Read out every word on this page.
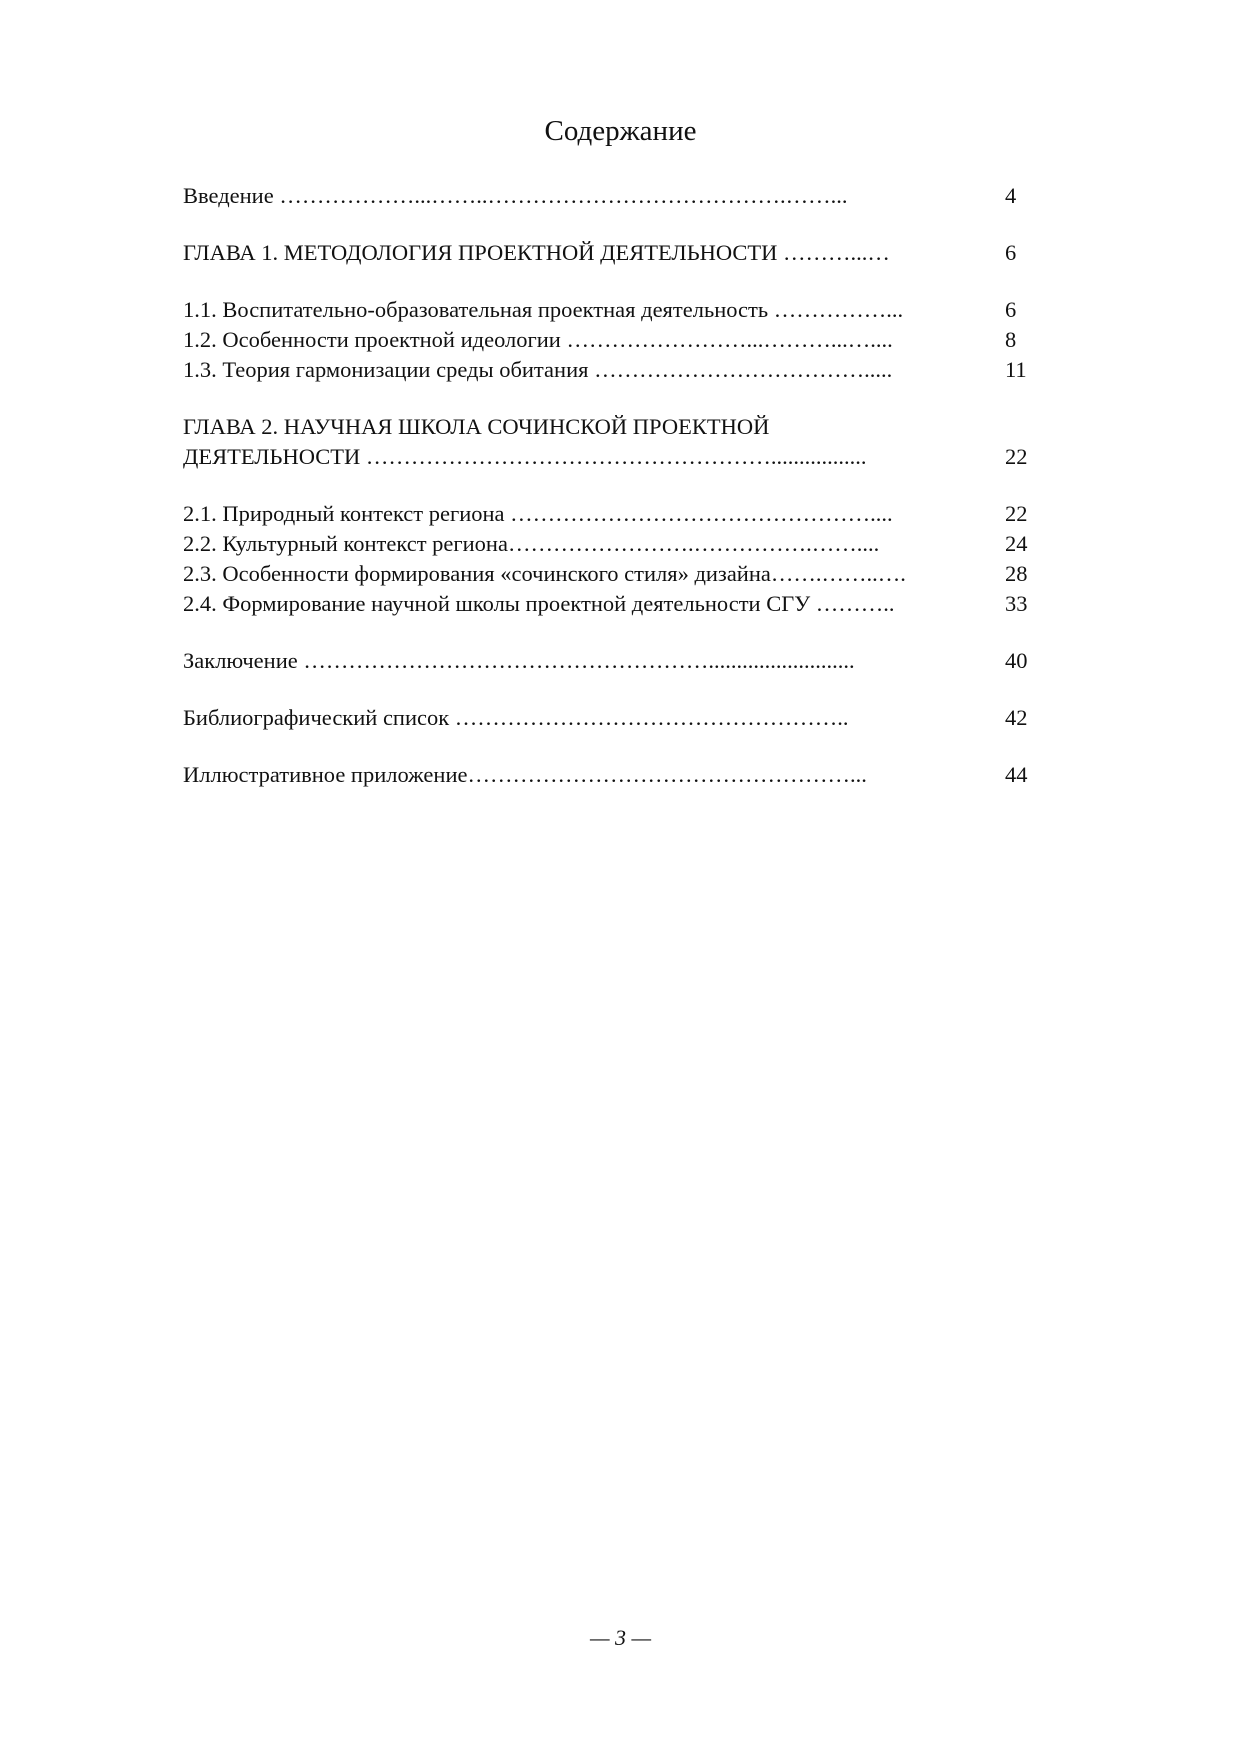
Содержание
Введение ………………...……..………………………………….……...	4
ГЛАВА 1. МЕТОДОЛОГИЯ ПРОЕКТНОЙ ДЕЯТЕЛЬНОСТИ ………...…	6
1.1. Воспитательно-образовательная проектная деятельность ……………...	6
1.2. Особенности проектной идеологии ……………………...………...…....	8
1.3. Теория гармонизации среды обитания ……………………………….....	11
ГЛАВА 2. НАУЧНАЯ ШКОЛА СОЧИНСКОЙ ПРОЕКТНОЙ
ДЕЯТЕЛЬНОСТИ ……………………………………………….................	22
2.1. Природный контекст региона …………………………………………....	22
2.2. Культурный контекст региона…………………….…………….……....	24
2.3. Особенности формирования «сочинского стиля» дизайна…….……..….	28
2.4. Формирование научной школы проектной деятельности СГУ ………..	33
Заключение ………………………………………………..........................	40
Библиографический список ……………………………………………..	42
Иллюстративное приложение……………………………………………...	44
— 3 —
